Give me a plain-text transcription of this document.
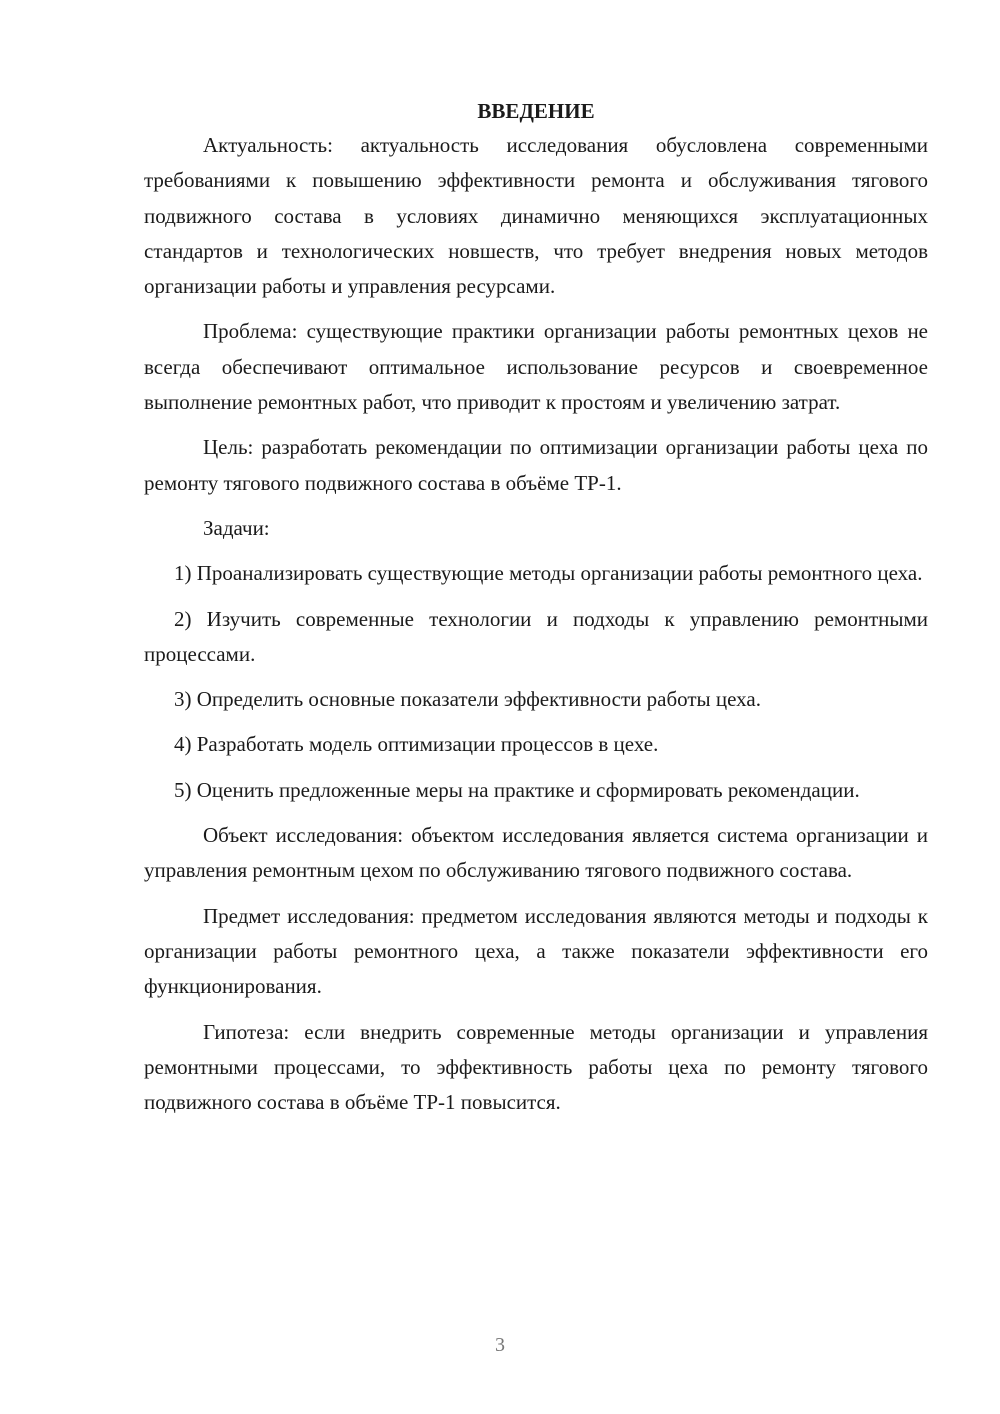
ВВЕДЕНИЕ

Актуальность: актуальность исследования обусловлена современными требованиями к повышению эффективности ремонта и обслуживания тягового подвижного состава в условиях динамично меняющихся эксплуатационных стандартов и технологических новшеств, что требует внедрения новых методов организации работы и управления ресурсами.

Проблема: существующие практики организации работы ремонтных цехов не всегда обеспечивают оптимальное использование ресурсов и своевременное выполнение ремонтных работ, что приводит к простоям и увеличению затрат.

Цель: разработать рекомендации по оптимизации организации работы цеха по ремонту тягового подвижного состава в объёме ТР-1.

Задачи:

1) Проанализировать существующие методы организации работы ремонтного цеха.

2) Изучить современные технологии и подходы к управлению ремонтными процессами.

3) Определить основные показатели эффективности работы цеха.

4) Разработать модель оптимизации процессов в цехе.

5) Оценить предложенные меры на практике и сформировать рекомендации.

Объект исследования: объектом исследования является система организации и управления ремонтным цехом по обслуживанию тягового подвижного состава.

Предмет исследования: предметом исследования являются методы и подходы к организации работы ремонтного цеха, а также показатели эффективности его функционирования.

Гипотеза: если внедрить современные методы организации и управления ремонтными процессами, то эффективность работы цеха по ремонту тягового подвижного состава в объёме ТР-1 повысится.

3
